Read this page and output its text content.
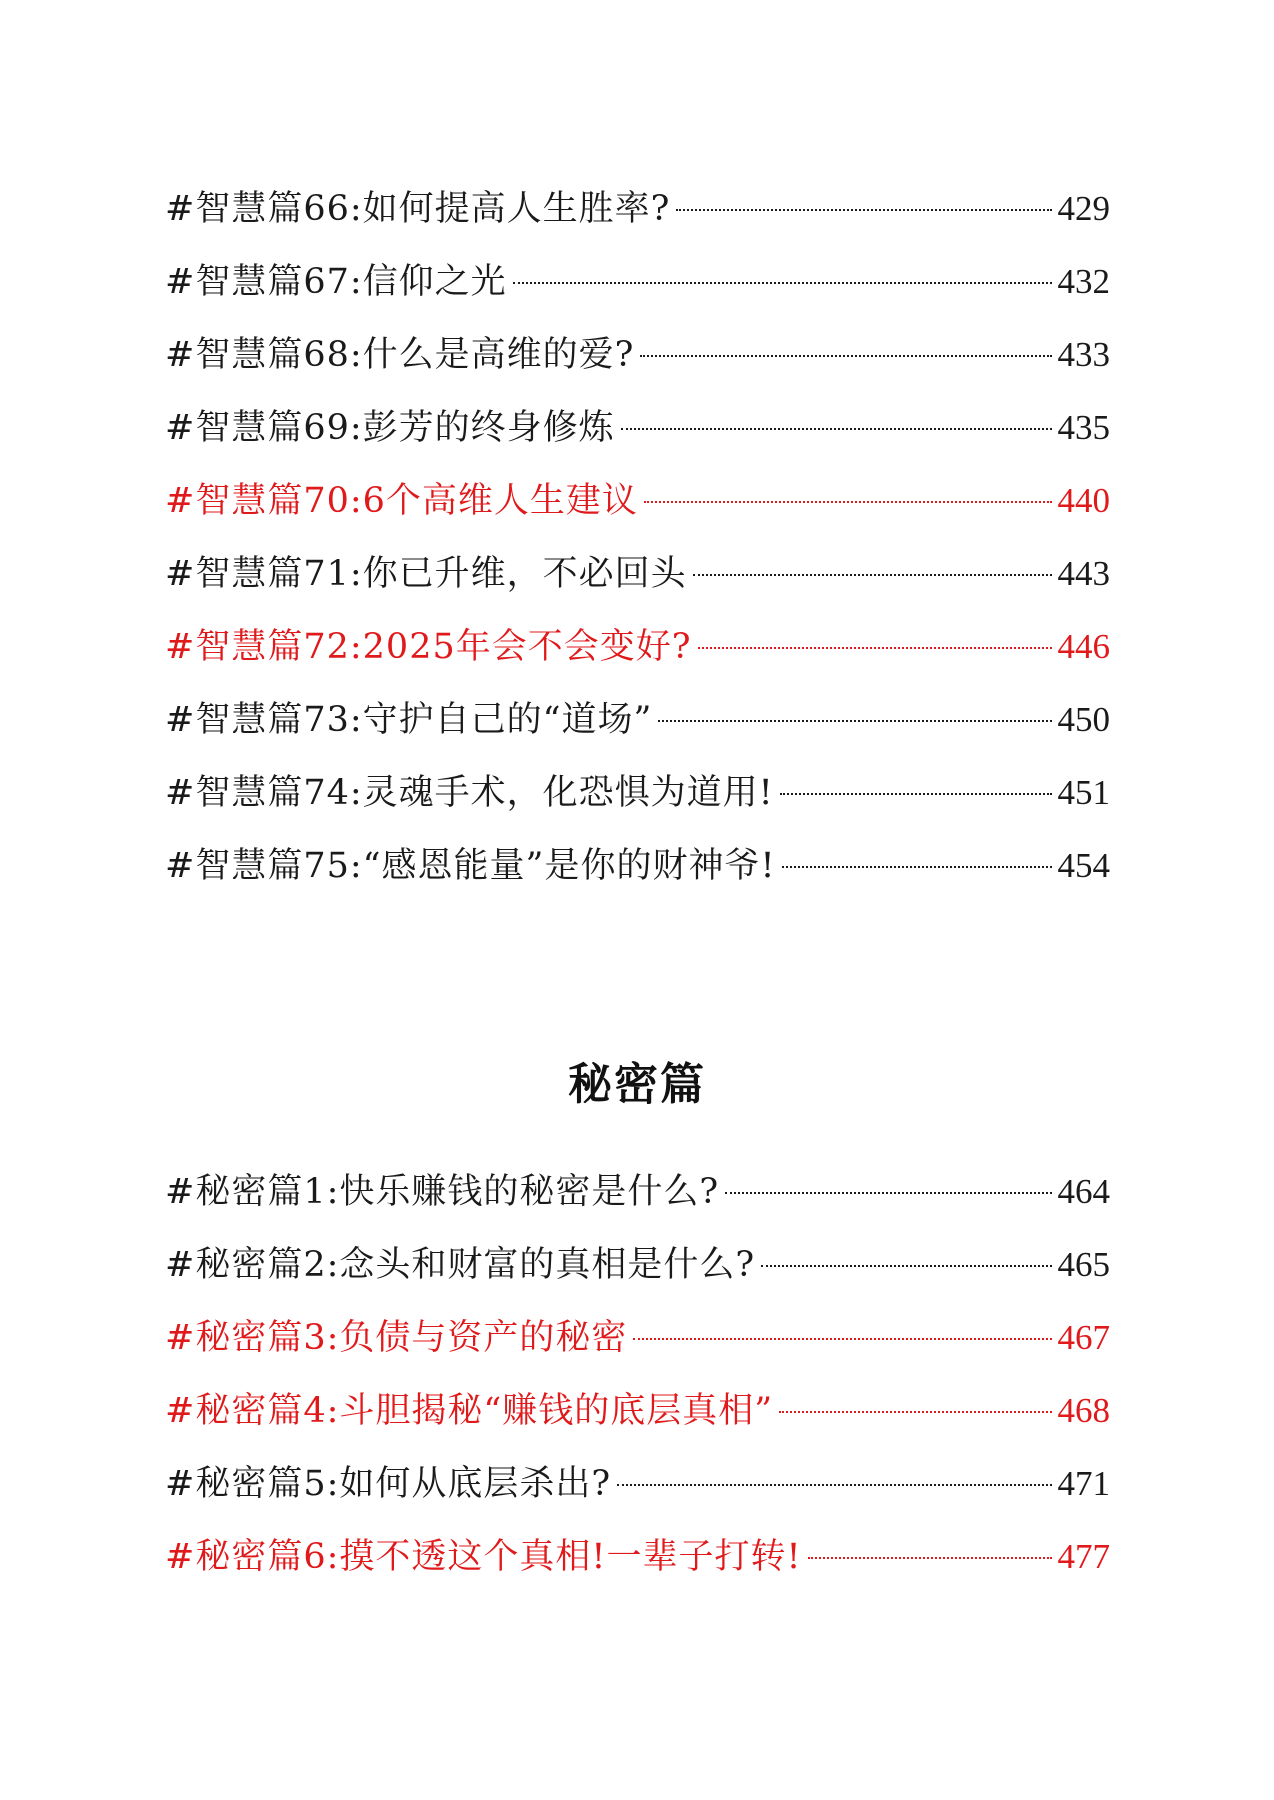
#智慧篇66:如何提高人生胜率?	429
#智慧篇67:信仰之光	432
#智慧篇68:什么是高维的爱?	433
#智慧篇69:彭芳的终身修炼	435
#智慧篇70:6个高维人生建议	440
#智慧篇71:你已升维，不必回头	443
#智慧篇72:2025年会不会变好?	446
#智慧篇73:守护自己的“道场”	450
#智慧篇74:灵魂手术，化恐惧为道用!	451
#智慧篇75:“感恩能量”是你的财神爷!	454
秘密篇
#秘密篇1:快乐赚钱的秘密是什么?	464
#秘密篇2:念头和财富的真相是什么?	465
#秘密篇3:负债与资产的秘密	467
#秘密篇4:斗胆揭秘“赚钱的底层真相”	468
#秘密篇5:如何从底层杀出?	471
#秘密篇6:摸不透这个真相!一辈子打转!	477
